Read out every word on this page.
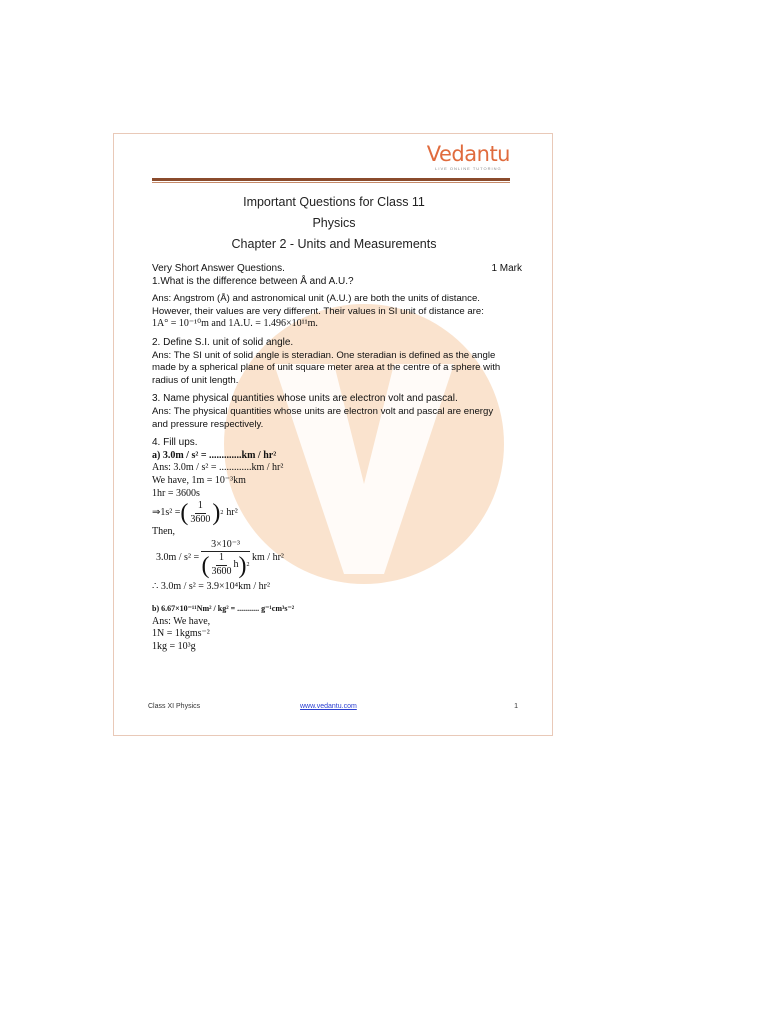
Vedantu
LIVE ONLINE TUTORING
Important Questions for Class 11
Physics
Chapter 2 - Units and Measurements
Very Short Answer Questions.	1 Mark

1.What is the difference between Å and A.U.?

Ans: Angstrom (Å) and astronomical unit (A.U.) are both the units of distance.

However, their values are very different. Their values in SI unit of distance are:

1A° = 10⁻¹⁰m and 1A.U. = 1.496×10¹¹m.

2. Define S.I. unit of solid angle.

Ans: The SI unit of solid angle is steradian. One steradian is defined as the angle

made by a spherical plane of unit square meter area at the centre of a sphere with

radius of unit length.

3. Name physical quantities whose units are electron volt and pascal.

Ans: The physical quantities whose units are electron volt and pascal are energy

and pressure respectively.

4. Fill ups.

a) 3.0m / s² = .............km / hr²

Ans: 3.0m / s² = .............km / hr²

We have, 1m = 10⁻³km

1hr = 3600s

⇒1s² = ( $\frac{1}{3600}$ ) 2 hr²

Then,

3.0m / s² =
3×10⁻³
( $\frac{1}{3600}$ h ) 2
km / hr²

∴ 3.0m / s² = 3.9×10⁴km / hr²

b) 6.67×10⁻¹¹Nm² / kg² = ........... g⁻¹cm³s⁻²

Ans: We have,

1N = 1kgms⁻²

1kg = 10³g

Class XI Physics	www.vedantu.com	1
